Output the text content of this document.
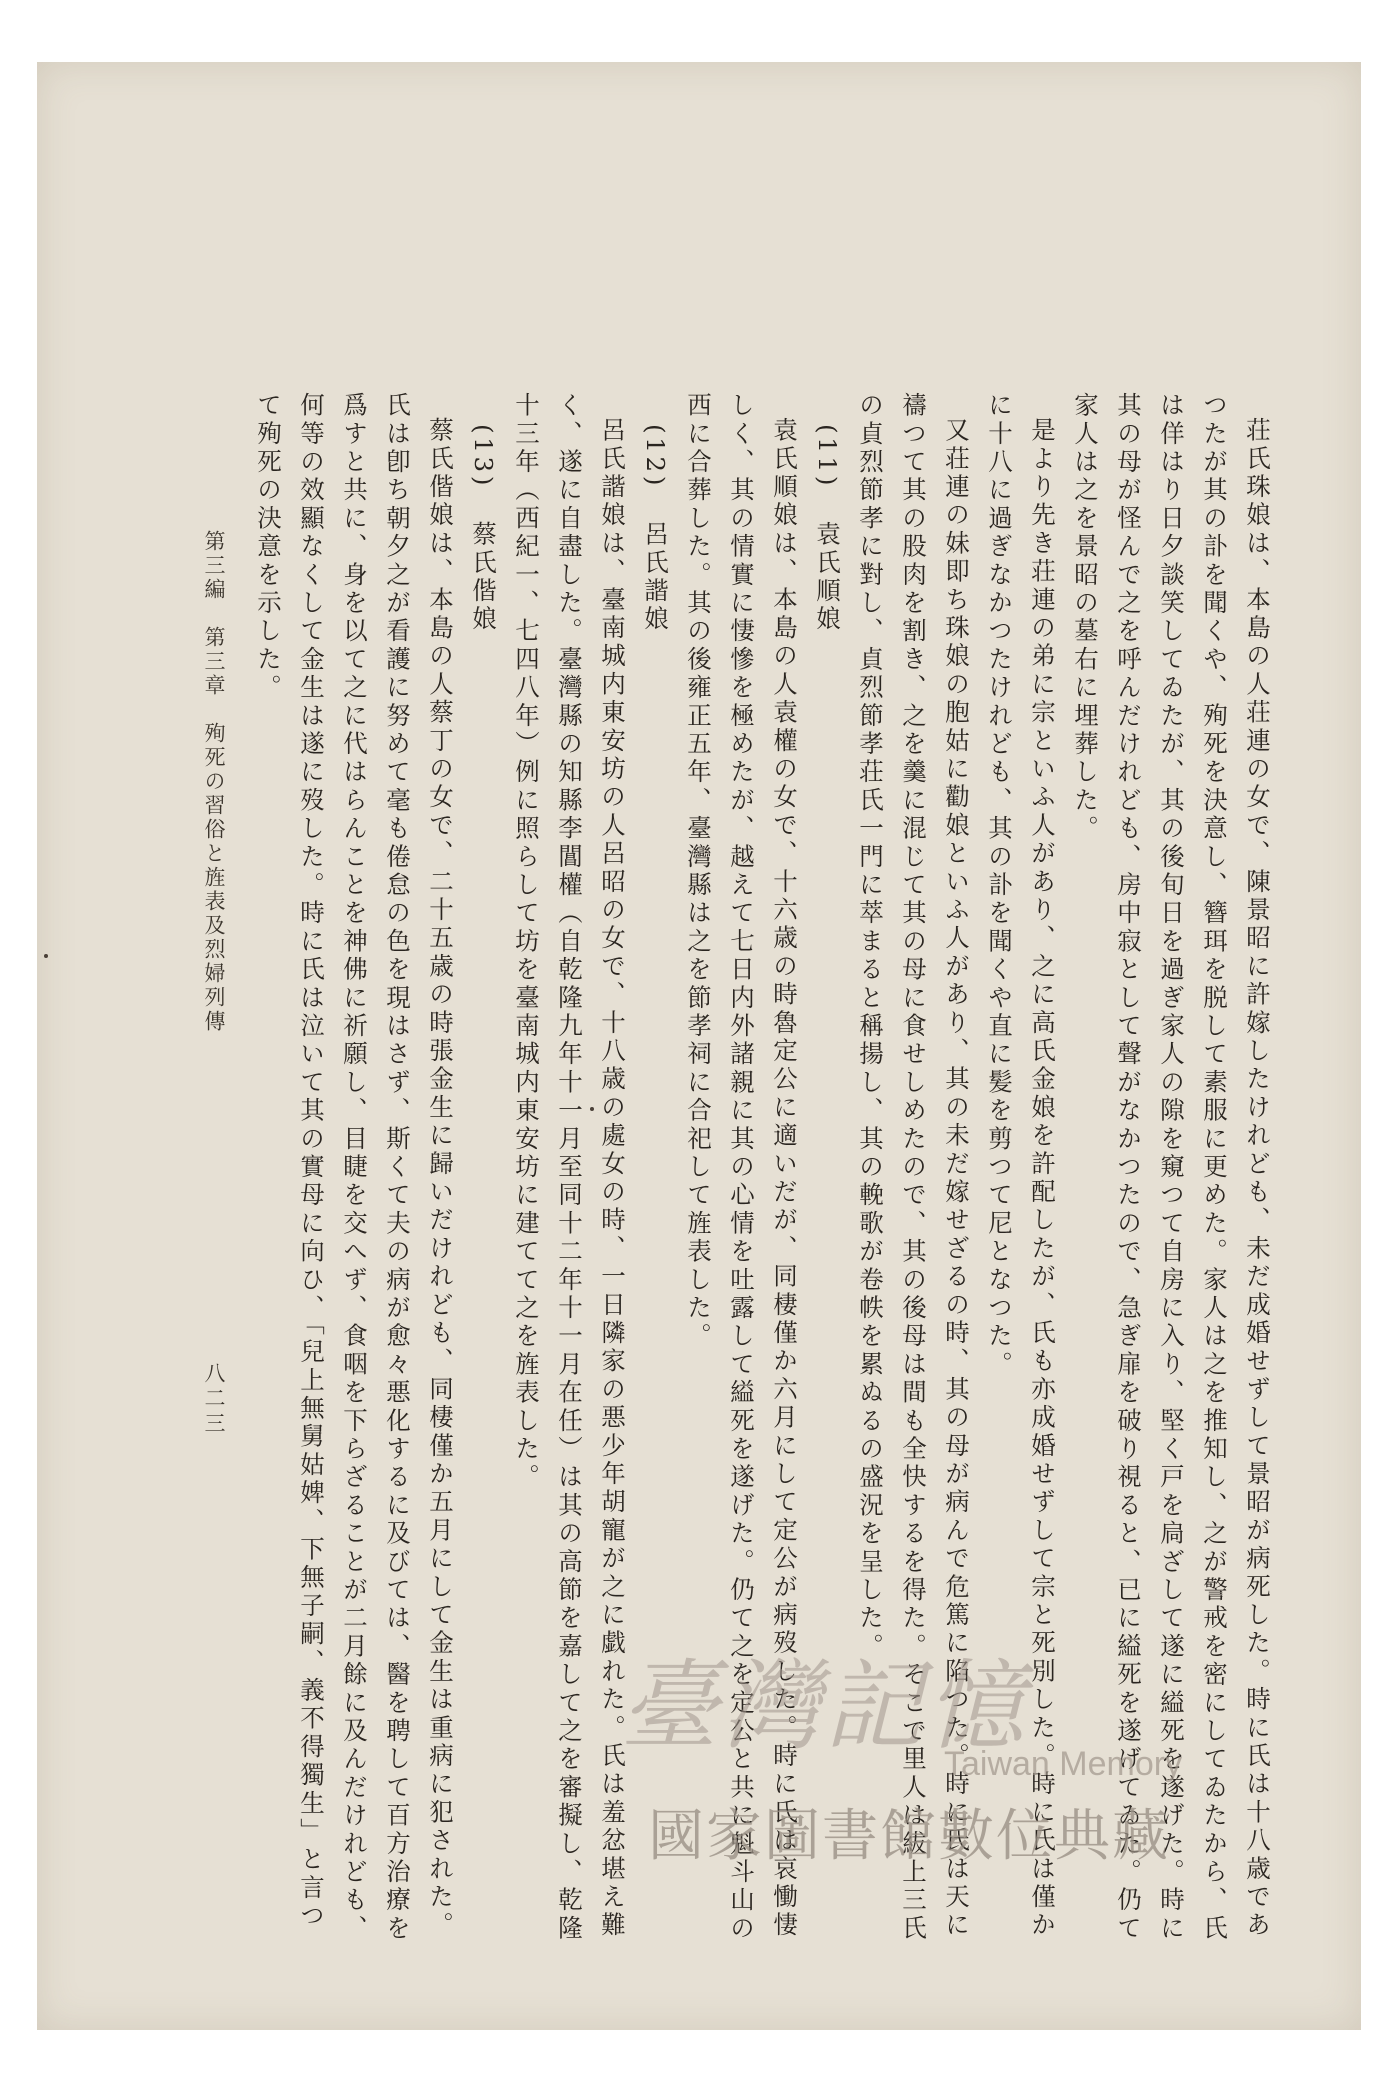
荘氏珠娘は、本島の人荘連の女で、陳景昭に許嫁したけれども、未だ成婚せずして景昭が病死した。時に氏は十八歳であつたが其の訃を聞くや、殉死を決意し、簪珥を脱して素服に更めた。家人は之を推知し、之が警戒を密にしてゐたから、氏は佯はり日夕談笑してゐたが、其の後旬日を過ぎ家人の隙を窺つて自房に入り、堅く戸を扃ざして遂に縊死を遂げた。時に其の母が怪んで之を呼んだけれども、房中寂として聲がなかつたので、急ぎ扉を破り視ると、已に縊死を遂げてゐた。仍て家人は之を景昭の墓右に埋葬した。

是より先き荘連の弟に宗といふ人があり、之に高氏金娘を許配したが、氏も亦成婚せずして宗と死別した。時に氏は僅かに十八に過ぎなかつたけれども、其の訃を聞くや直に髪を剪つて尼となつた。

又荘連の妹即ち珠娘の胞姑に勸娘といふ人があり、其の未だ嫁せざるの時、其の母が病んで危篤に陷つた。時に氏は天に禱つて其の股肉を割き、之を羹に混じて其の母に食せしめたので、其の後母は間も全快するを得た。そこで里人は紱上三氏の貞烈節孝に對し、貞烈節孝荘氏一門に萃まると稱揚し、其の輓歌が卷帙を累ぬるの盛況を呈した。

(11)袁氏順娘

袁氏順娘は、本島の人袁權の女で、十六歳の時魯定公に適いだが、同棲僅か六月にして定公が病歿した。時に氏は哀慟悽しく、其の情實に悽慘を極めたが、越えて七日内外諸親に其の心情を吐露して縊死を遂げた。仍て之を定公と共に魁斗山の西に合葬した。其の後雍正五年、臺灣縣は之を節孝祠に合祀して旌表した。

(12)呂氏諧娘

呂氏諧娘は、臺南城内東安坊の人呂昭の女で、十八歳の處女の時、一日隣家の悪少年胡寵が之に戯れた。氏は羞忿堪え難く、遂に自盡した。臺灣縣の知縣李閶權（自乾隆九年十一月至同十二年十一月在任）は其の高節を嘉して之を審擬し、乾隆十三年（西紀一、七四八年）例に照らして坊を臺南城内東安坊に建てて之を旌表した。

(13)蔡氏偕娘

蔡氏偕娘は、本島の人蔡丁の女で、二十五歳の時張金生に歸いだけれども、同棲僅か五月にして金生は重病に犯された。氏は卽ち朝夕之が看護に努めて毫も倦怠の色を現はさず、斯くて夫の病が愈々悪化するに及びては、醫を聘して百方治療を爲すと共に、身を以て之に代はらんことを神佛に祈願し、目睫を交へず、食咽を下らざることが二月餘に及んだけれども、何等の效顯なくして金生は遂に歿した。時に氏は泣いて其の實母に向ひ、「兒上無舅姑婢、下無子嗣、義不得獨生」と言つて殉死の決意を示した。

第三編　第三章　殉死の習俗と旌表及烈婦列傳
八二三
臺灣記憶
Taiwan Memory
國家圖書館數位典藏
